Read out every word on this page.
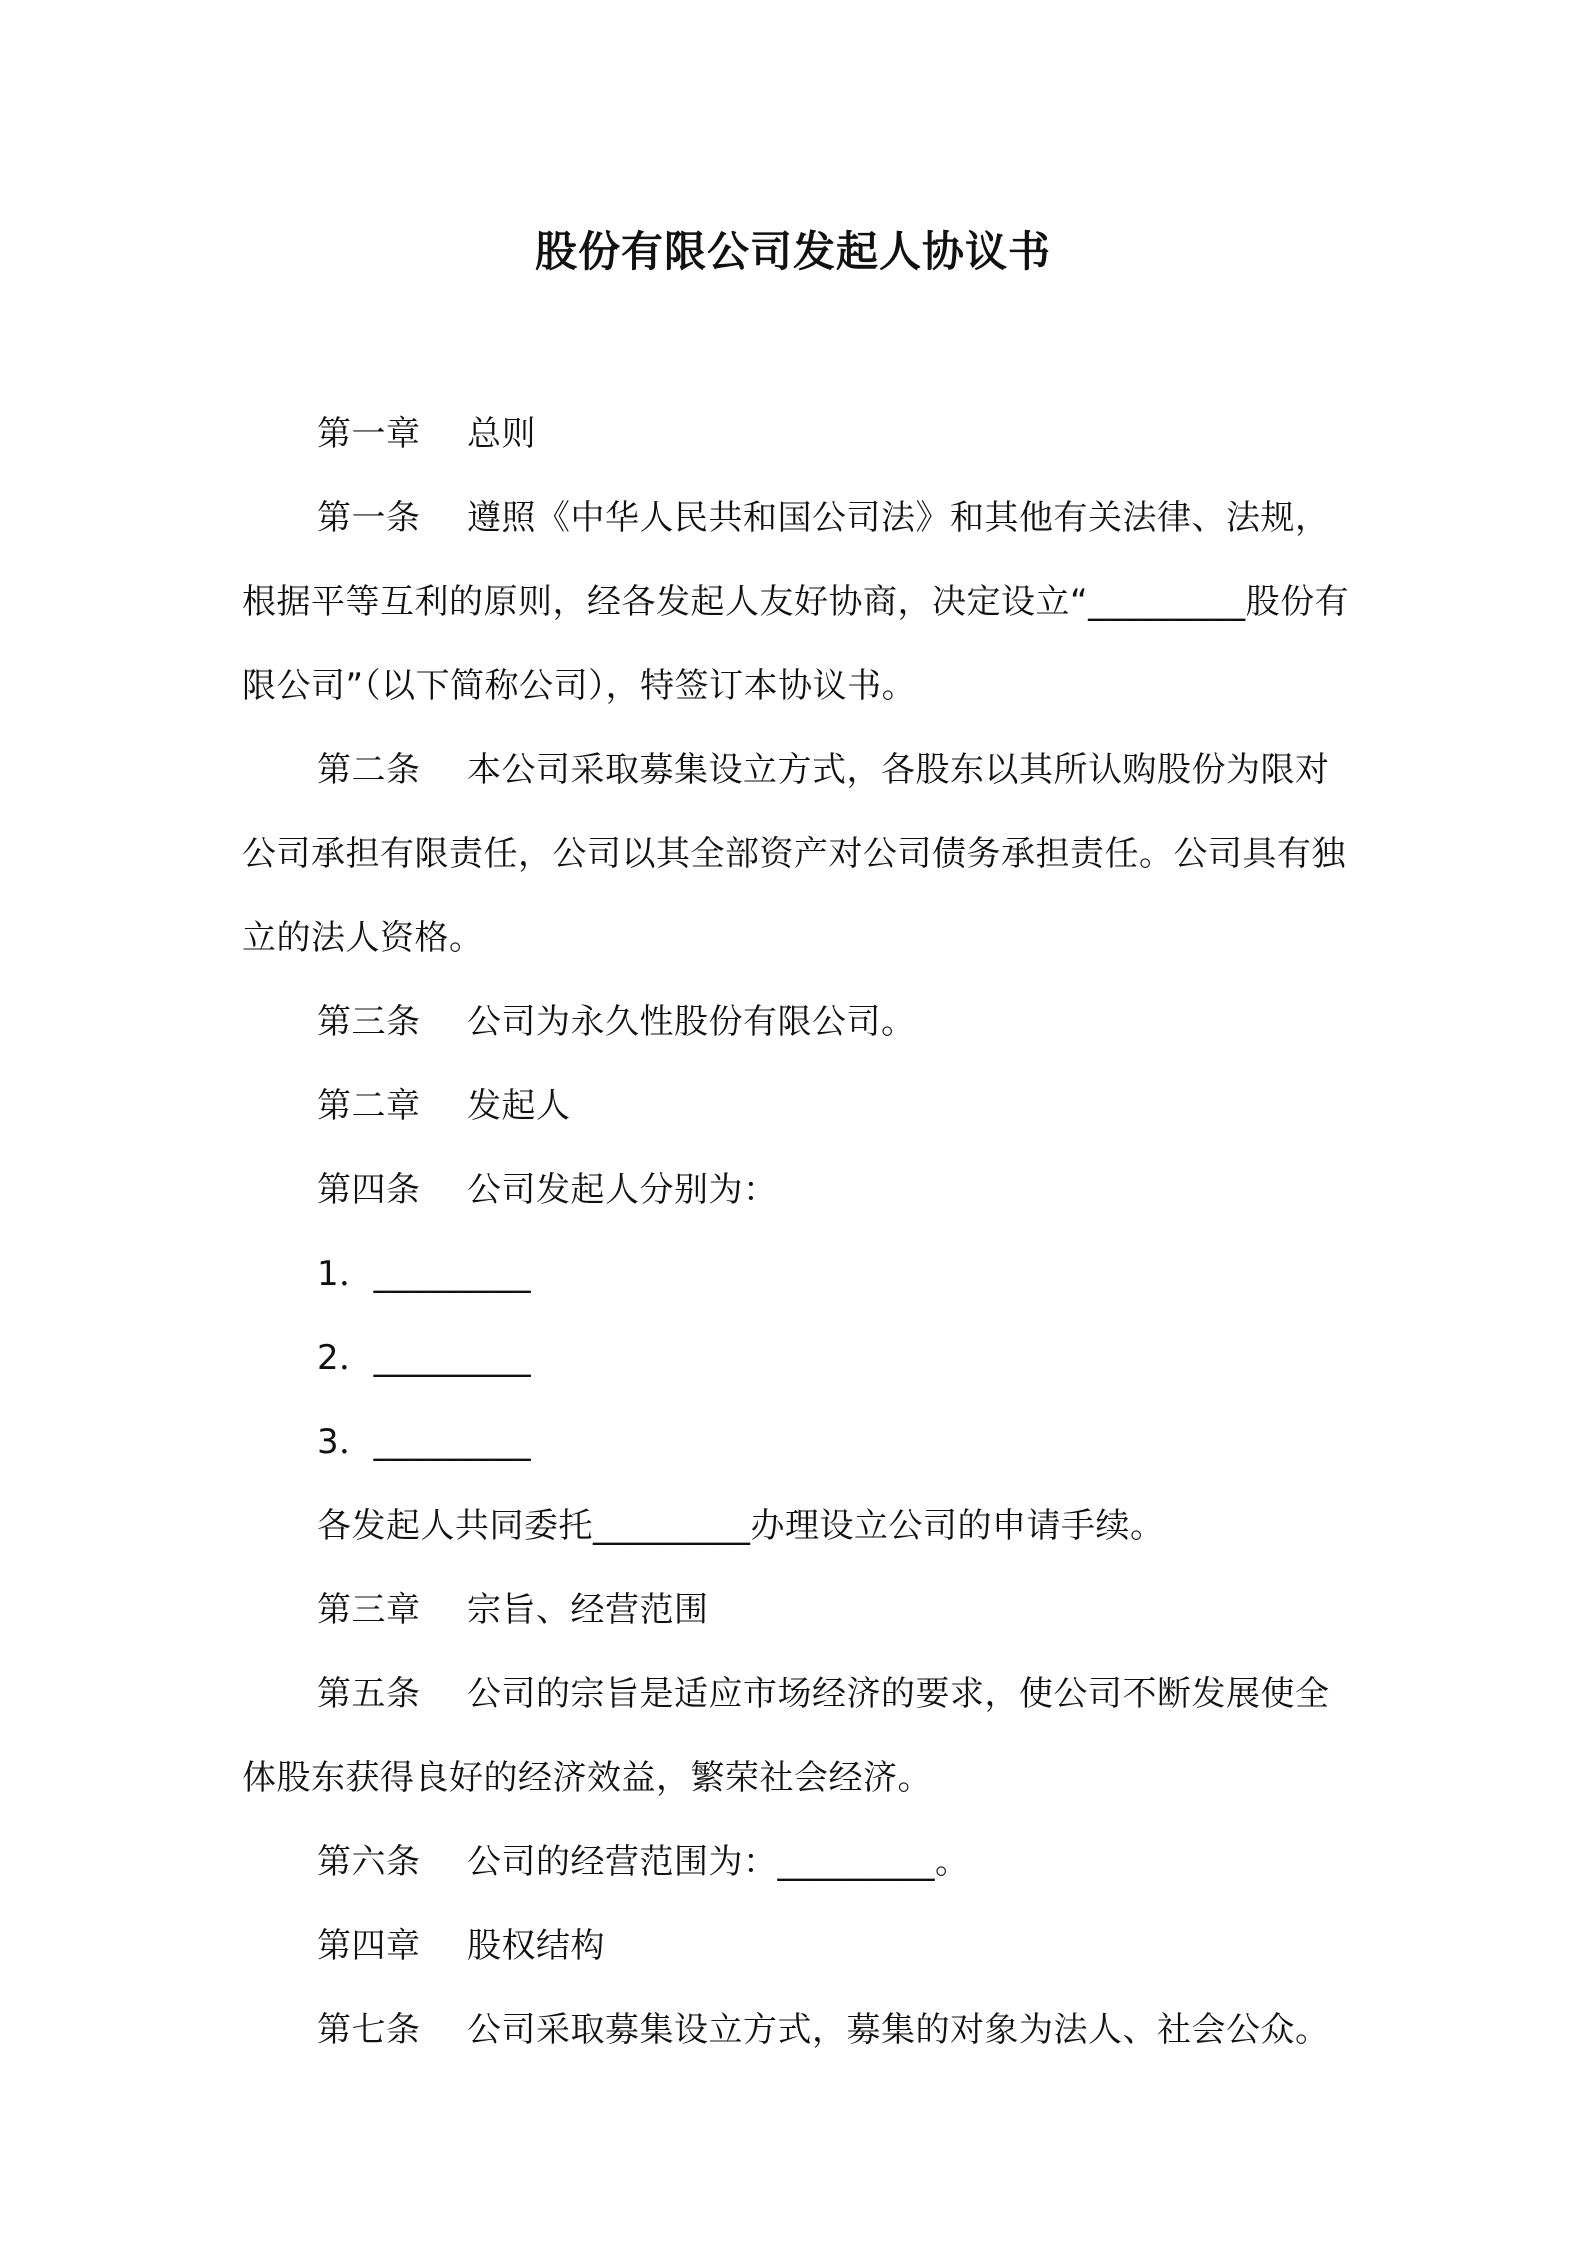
股份有限公司发起人协议书

第一章 总则

第一条 遵照《中华人民共和国公司法》和其他有关法律、法规，根据平等互利的原则，经各发起人友好协商，决定设立“_________股份有限公司”（以下简称公司），特签订本协议书。

第二条 本公司采取募集设立方式，各股东以其所认购股份为限对公司承担有限责任，公司以其全部资产对公司债务承担责任。公司具有独立的法人资格。

第三条 公司为永久性股份有限公司。

第二章 发起人

第四条 公司发起人分别为：

1．_________

2．_________

3．_________

各发起人共同委托_________办理设立公司的申请手续。

第三章 宗旨、经营范围

第五条 公司的宗旨是适应市场经济的要求，使公司不断发展使全体股东获得良好的经济效益，繁荣社会经济。

第六条 公司的经营范围为：_________。

第四章 股权结构

第七条 公司采取募集设立方式，募集的对象为法人、社会公众。
